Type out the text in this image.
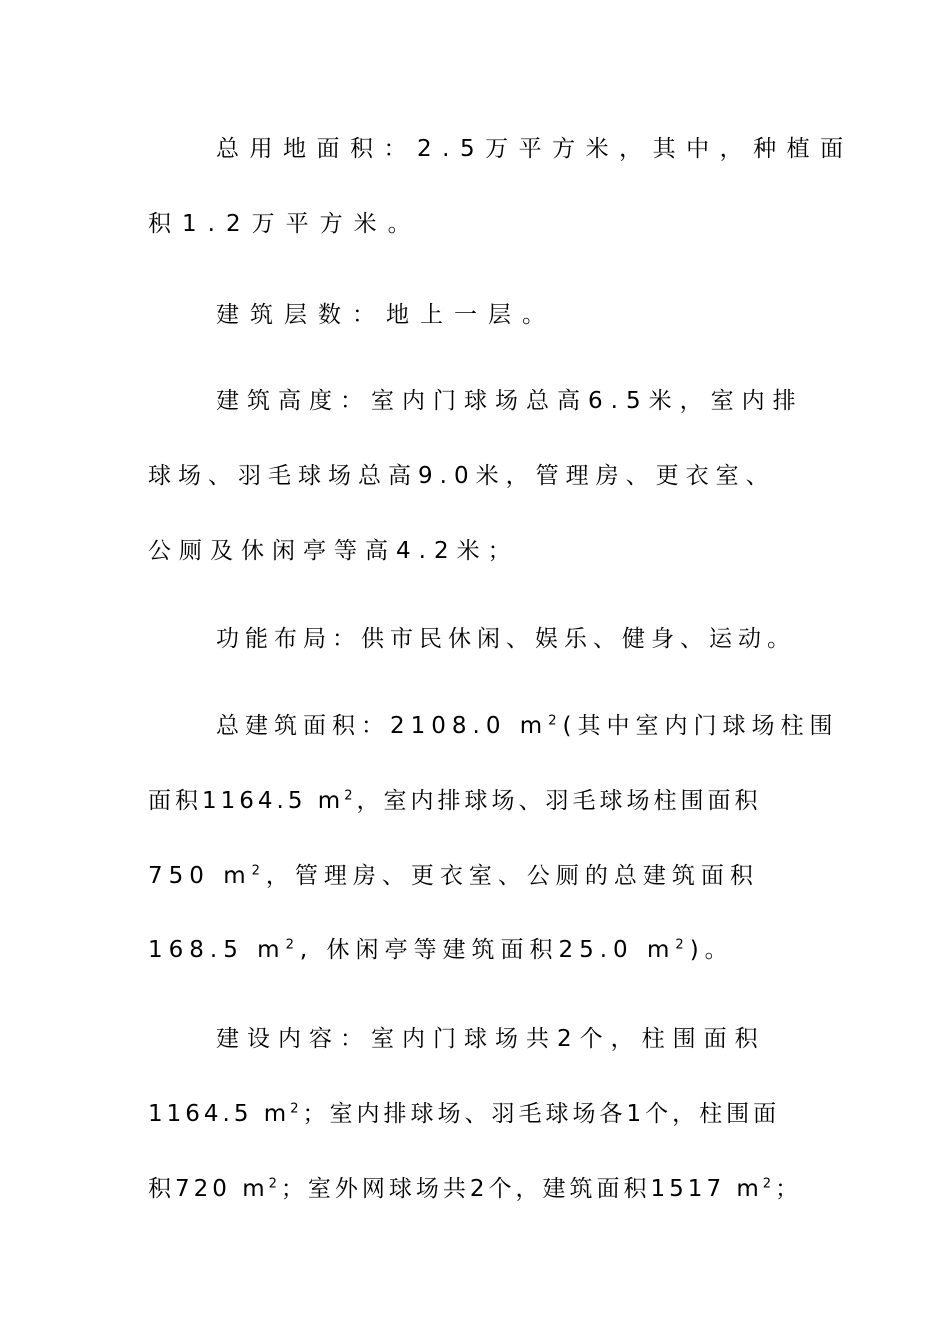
总用地面积：2.5万平方米，其中，种植面
积1.2万平方米。
建筑层数：地上一层。
建筑高度：室内门球场总高6.5米，室内排
球场、羽毛球场总高9.0米，管理房、更衣室、
公厕及休闲亭等高4.2米；
功能布局：供市民休闲、娱乐、健身、运动。
总建筑面积：2108.0 $m^2$(其中室内门球场柱围
面积1164.5 $m^2$，室内排球场、羽毛球场柱围面积
750 $m^2$，管理房、更衣室、公厕的总建筑面积
168.5 $m^2$, 休闲亭等建筑面积25.0 $m^2$)。
建设内容：室内门球场共2个，柱围面积
1164.5 $m^2$；室内排球场、羽毛球场各1个，柱围面
积720 $m^2$；室外网球场共2个，建筑面积1517 $m^2$；
